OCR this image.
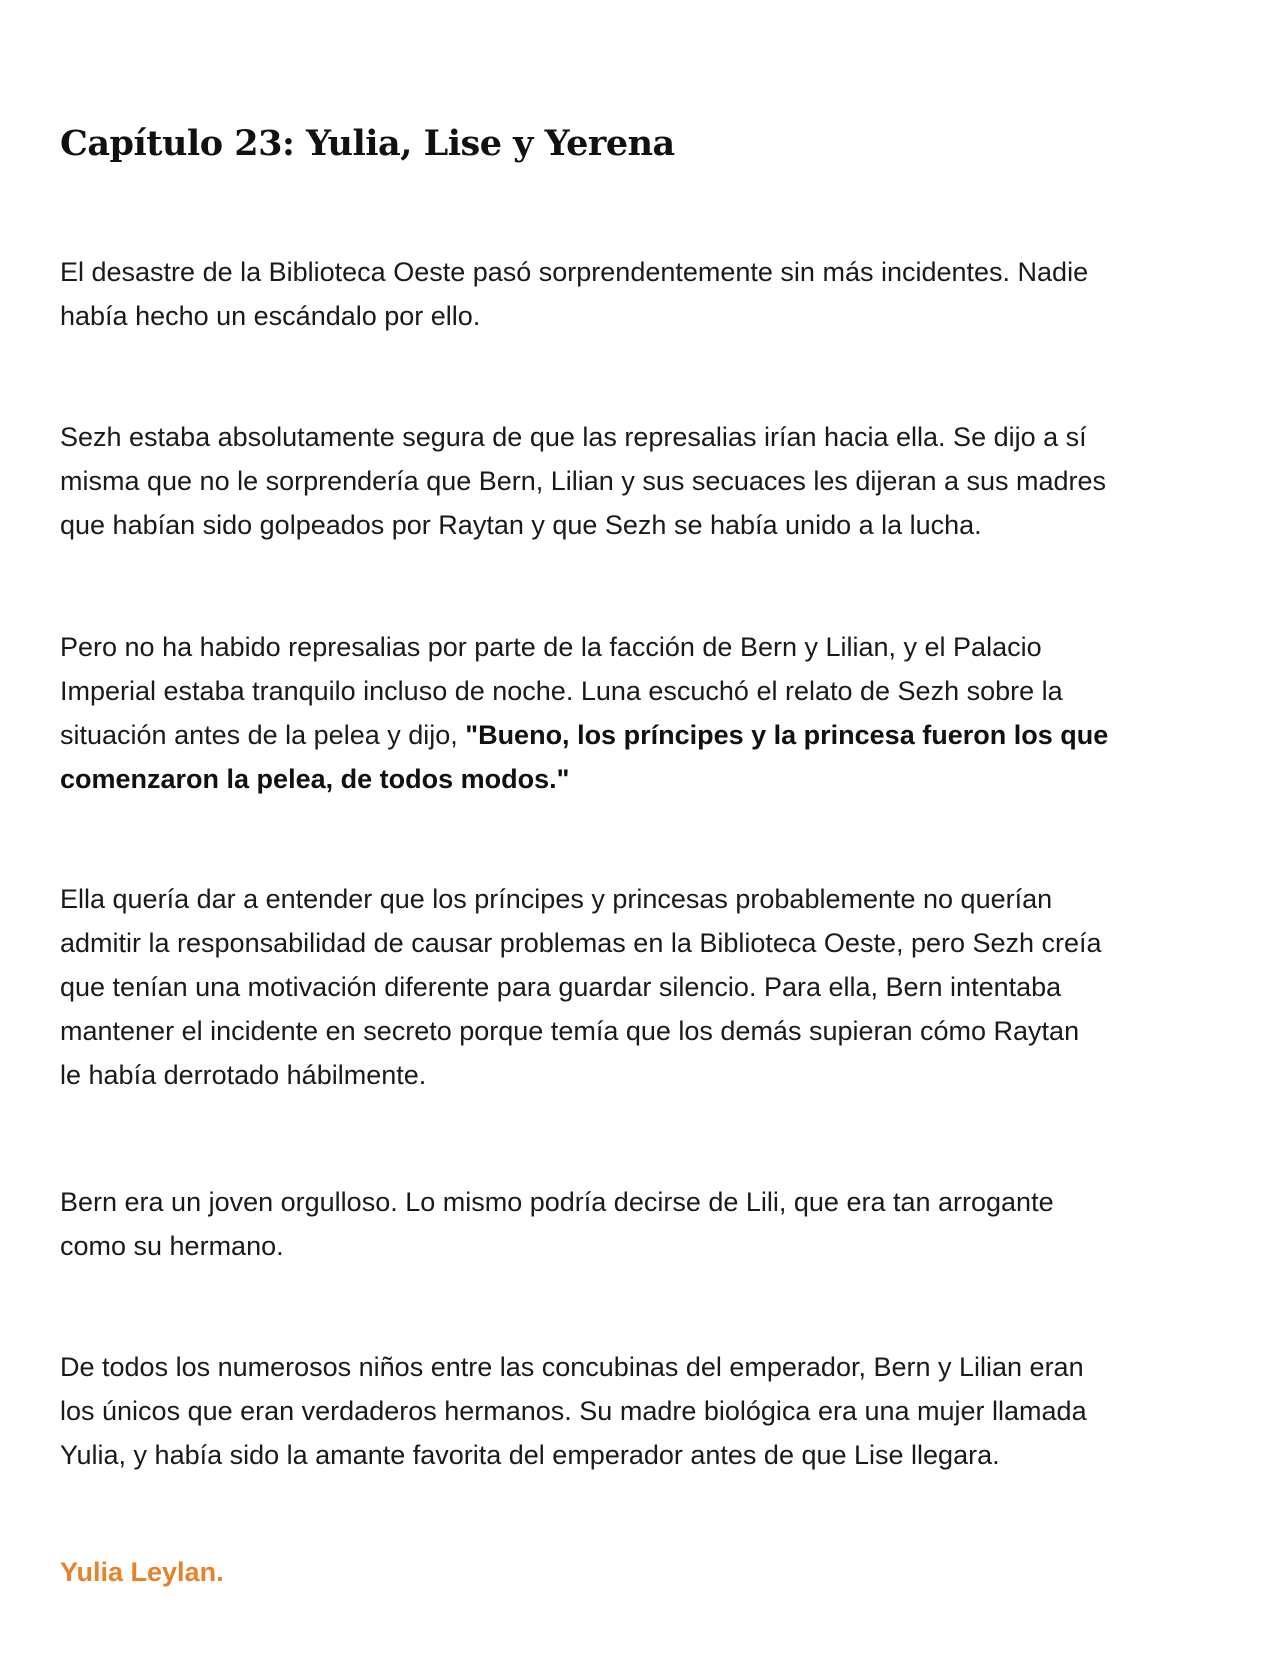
Capítulo 23: Yulia, Lise y Yerena

El desastre de la Biblioteca Oeste pasó sorprendentemente sin más incidentes. Nadie
había hecho un escándalo por ello.

Sezh estaba absolutamente segura de que las represalias irían hacia ella. Se dijo a sí
misma que no le sorprendería que Bern, Lilian y sus secuaces les dijeran a sus madres
que habían sido golpeados por Raytan y que Sezh se había unido a la lucha.

Pero no ha habido represalias por parte de la facción de Bern y Lilian, y el Palacio
Imperial estaba tranquilo incluso de noche. Luna escuchó el relato de Sezh sobre la
situación antes de la pelea y dijo, "Bueno, los príncipes y la princesa fueron los que
comenzaron la pelea, de todos modos."

Ella quería dar a entender que los príncipes y princesas probablemente no querían
admitir la responsabilidad de causar problemas en la Biblioteca Oeste, pero Sezh creía
que tenían una motivación diferente para guardar silencio. Para ella, Bern intentaba
mantener el incidente en secreto porque temía que los demás supieran cómo Raytan
le había derrotado hábilmente.

Bern era un joven orgulloso. Lo mismo podría decirse de Lili, que era tan arrogante
como su hermano.

De todos los numerosos niños entre las concubinas del emperador, Bern y Lilian eran
los únicos que eran verdaderos hermanos. Su madre biológica era una mujer llamada
Yulia, y había sido la amante favorita del emperador antes de que Lise llegara.

Yulia Leylan.
